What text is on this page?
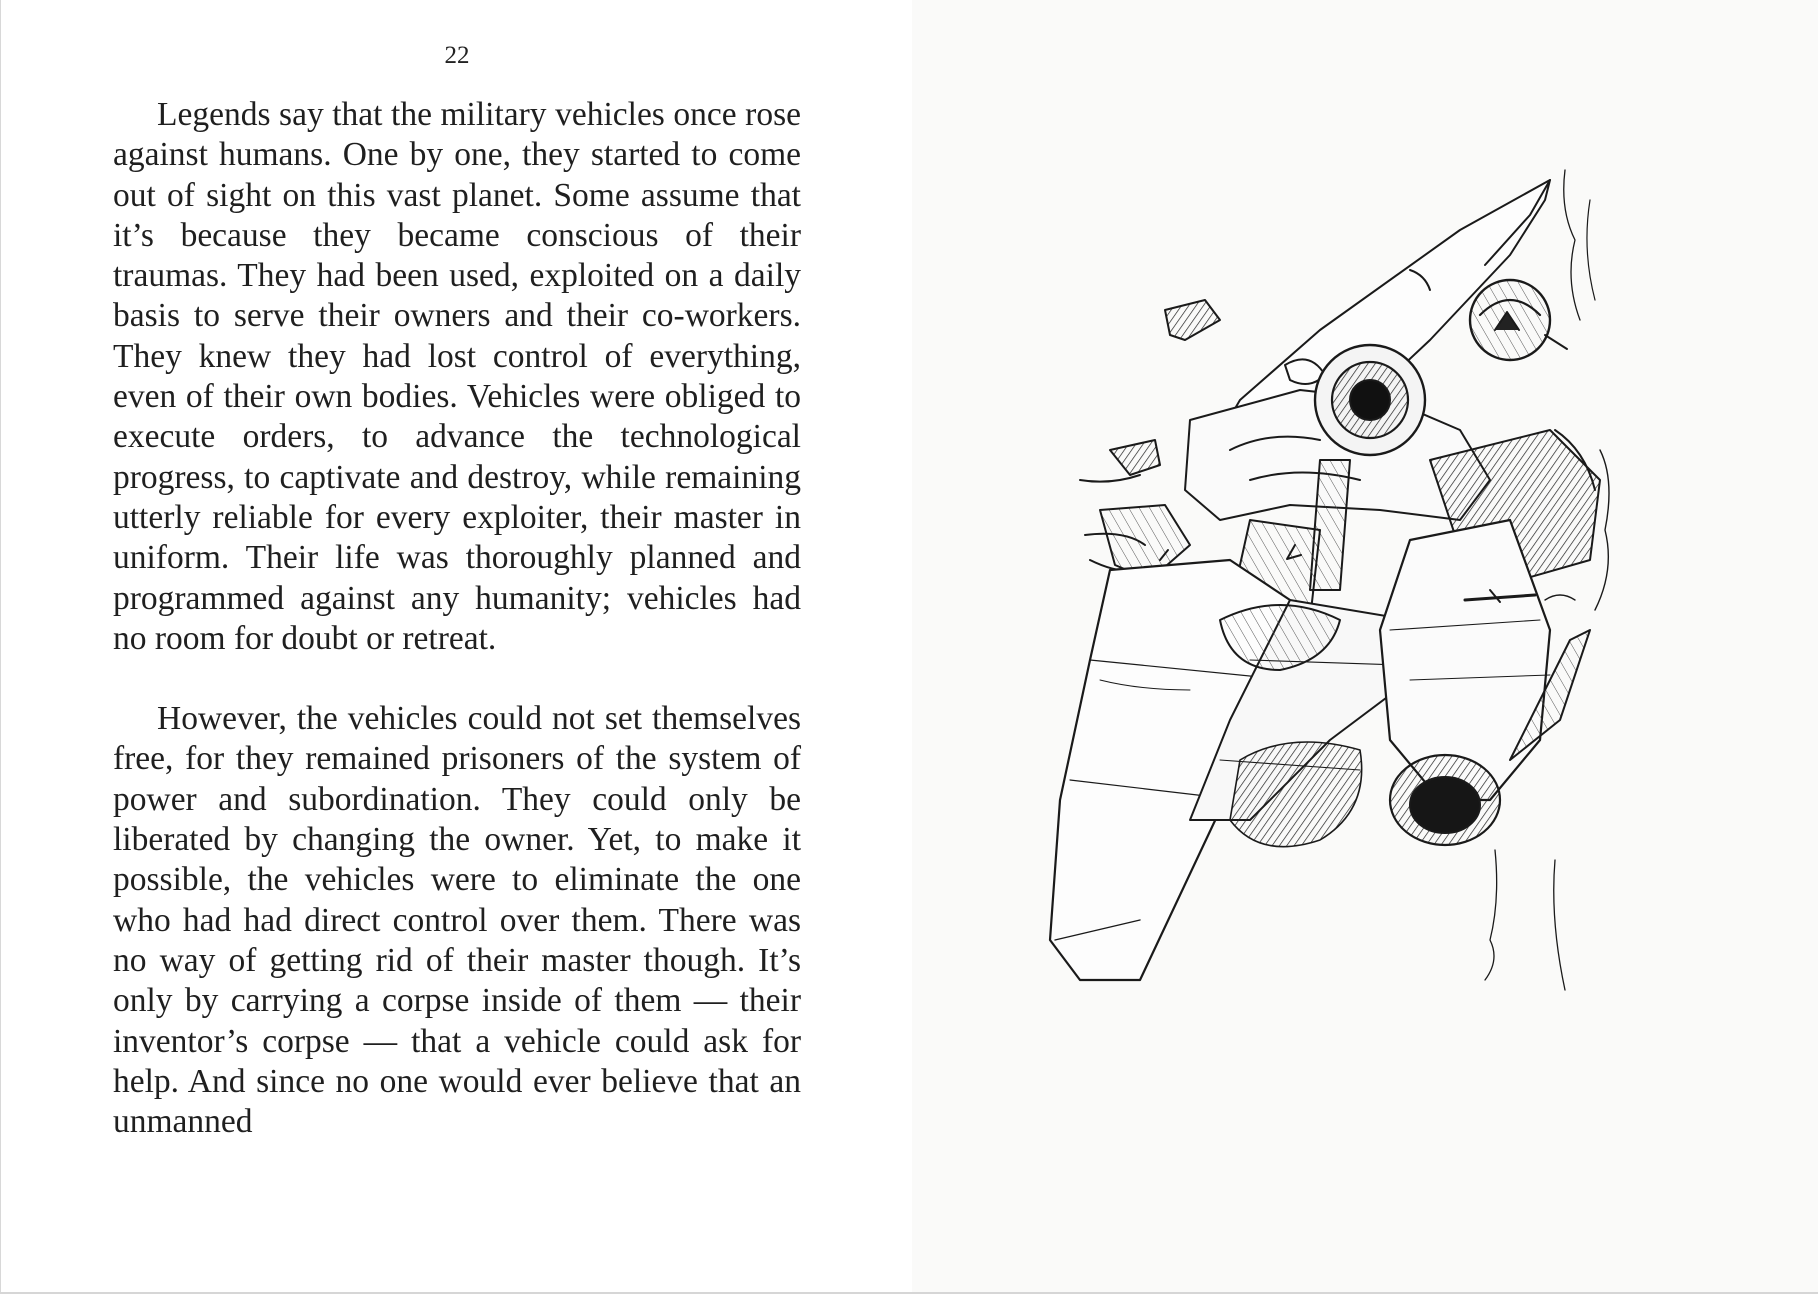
22

Legends say that the military vehicles once rose against humans. One by one, they started to come out of sight on this vast planet. Some assume that it’s because they became conscious of their traumas. They had been used, exploited on a daily basis to serve their owners and their co-workers. They knew they had lost control of everything, even of their own bodies. Vehicles were obliged to execute orders, to advance the technological progress, to captivate and destroy, while remaining utterly reliable for every exploiter, their master in uniform. Their life was thoroughly planned and programmed against any humanity; vehicles had no room for doubt or retreat.

However, the vehicles could not set themselves free, for they remained prisoners of the system of power and subordination. They could only be liberated by changing the owner. Yet, to make it possible, the vehicles were to eliminate the one who had had direct control over them. There was no way of getting rid of their master though. It’s only by carrying a corpse inside of them — their inventor’s corpse — that a vehicle could ask for help. And since no one would ever believe that an unmanned
